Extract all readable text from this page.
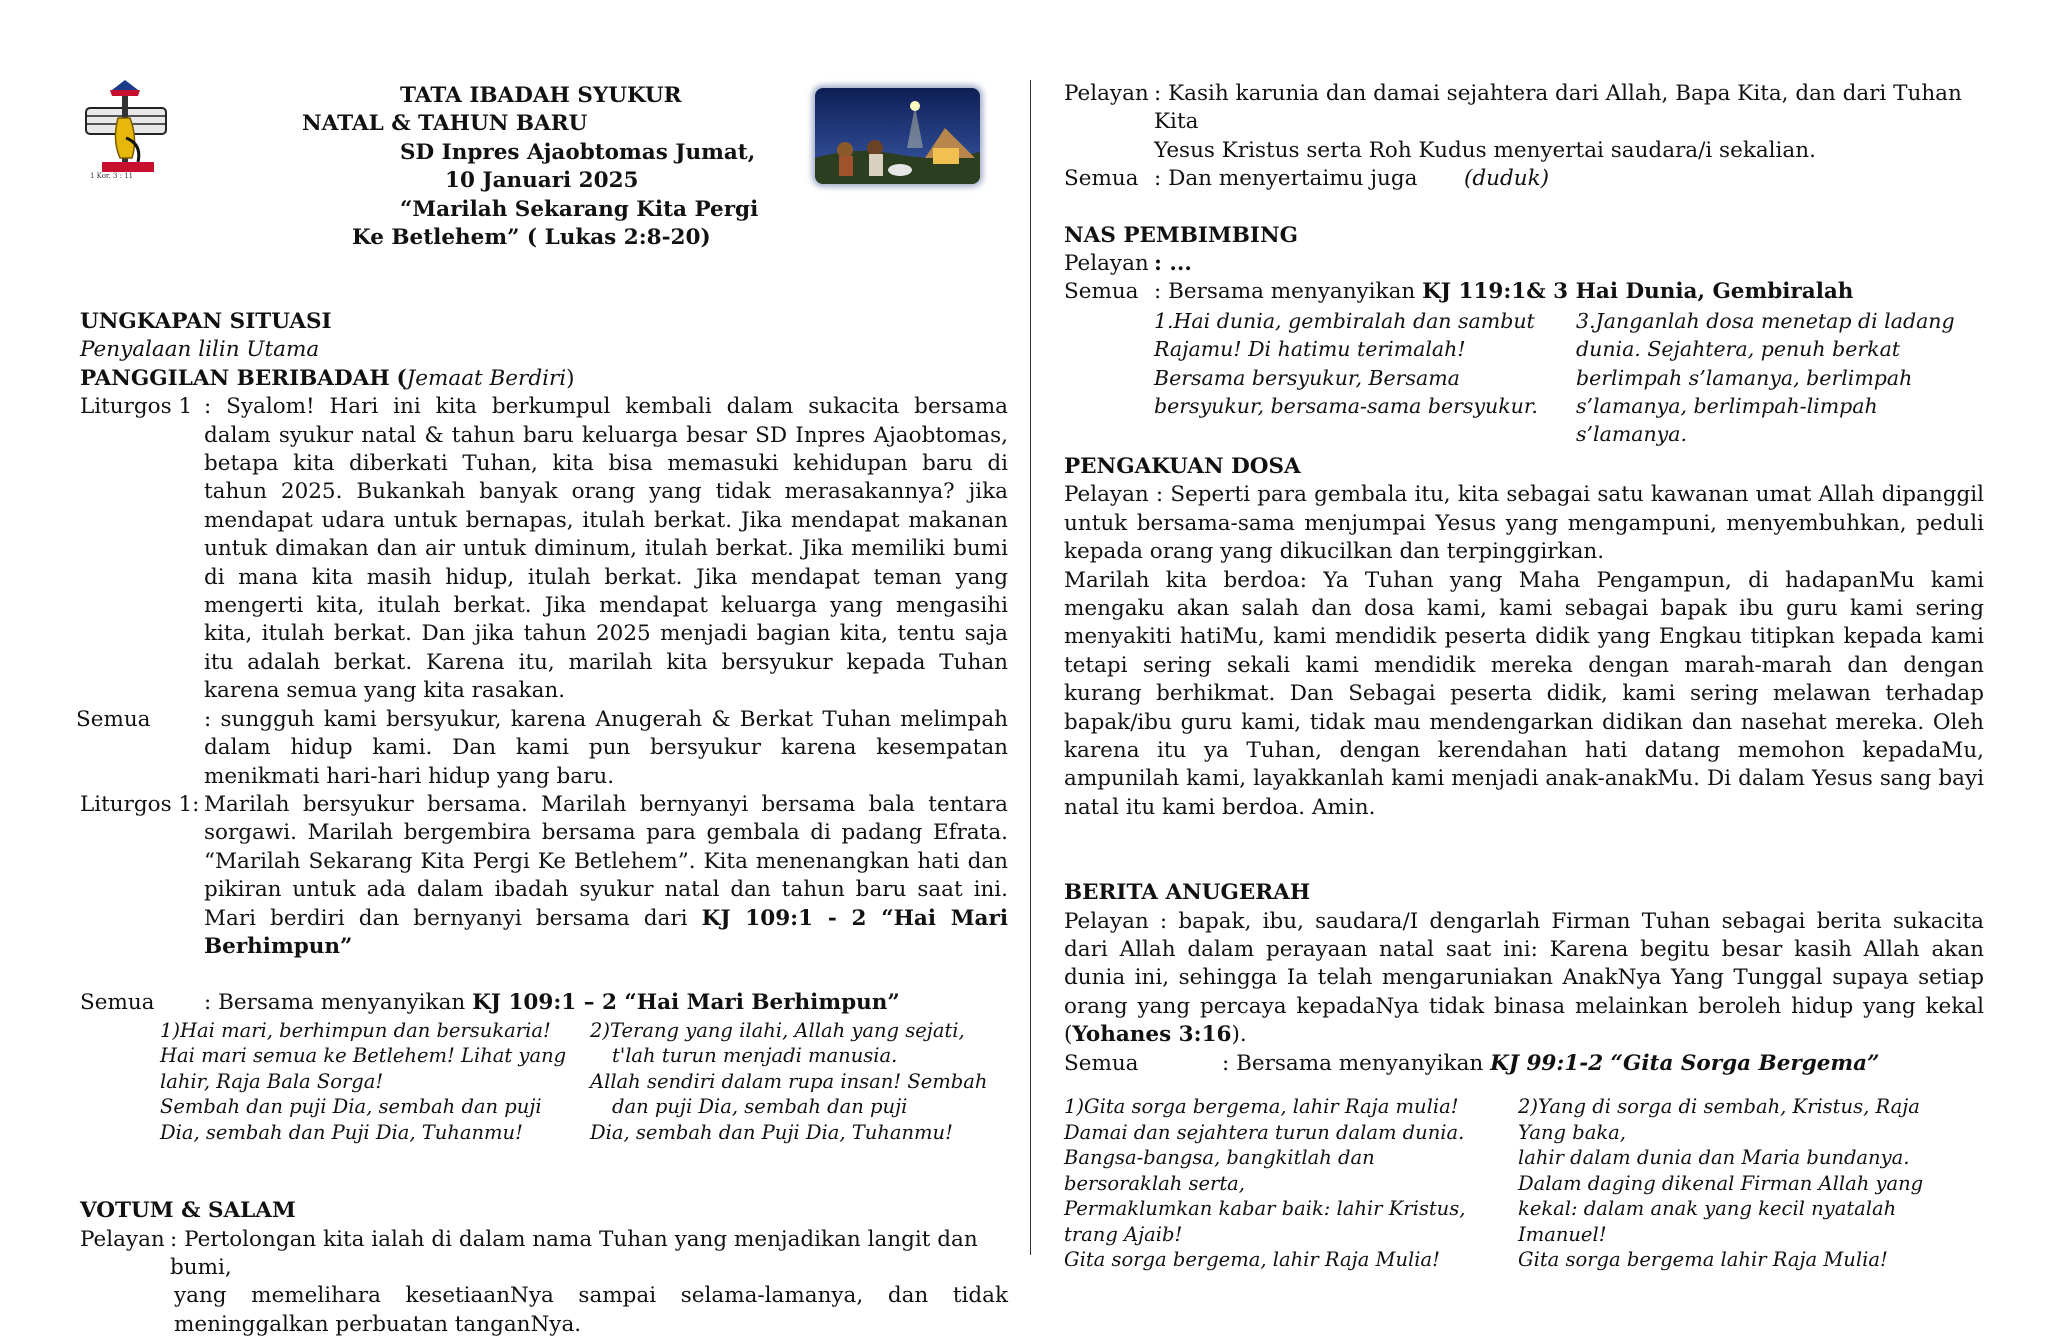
1 Kor. 3 : 11
TATA IBADAH SYUKUR
NATAL & TAHUN BARU
SD Inpres Ajaobtomas Jumat,
10 Januari 2025
“Marilah Sekarang Kita Pergi
Ke Betlehem” ( Lukas 2:8-20)

UNGKAPAN SITUASI

Penyalaan lilin Utama

PANGGILAN BERIBADAH (Jemaat Berdiri)

Liturgos 1 : Syalom! Hari ini kita berkumpul kembali dalam sukacita bersama dalam syukur natal & tahun baru keluarga besar SD Inpres Ajaobtomas, betapa kita diberkati Tuhan, kita bisa memasuki kehidupan baru di tahun 2025. Bukankah banyak orang yang tidak merasakannya? jika mendapat udara untuk bernapas, itulah berkat. Jika mendapat makanan untuk dimakan dan air untuk diminum, itulah berkat. Jika memiliki bumi di mana kita masih hidup, itulah berkat. Jika mendapat teman yang mengerti kita, itulah berkat. Jika mendapat keluarga yang mengasihi kita, itulah berkat. Dan jika tahun 2025 menjadi bagian kita, tentu saja itu adalah berkat. Karena itu, marilah kita bersyukur kepada Tuhan karena semua yang kita rasakan.
Semua	: sungguh kami bersyukur, karena Anugerah & Berkat Tuhan melimpah dalam hidup kami. Dan kami pun bersyukur karena kesempatan menikmati hari-hari hidup yang baru.
Liturgos 1: Marilah bersyukur bersama. Marilah bernyanyi bersama bala tentara sorgawi. Marilah bergembira bersama para gembala di padang Efrata. “Marilah Sekarang Kita Pergi Ke Betlehem”. Kita menenangkan hati dan pikiran untuk ada dalam ibadah syukur natal dan tahun baru saat ini. Mari berdiri dan bernyanyi bersama dari KJ 109:1 - 2 “Hai Mari Berhimpun”
Semua	: Bersama menyanyikan KJ 109:1 – 2 “Hai Mari Berhimpun”
1)Hai mari, berhimpun dan bersukaria!
Hai mari semua ke Betlehem! Lihat yang
lahir, Raja Bala Sorga!
Sembah dan puji Dia, sembah dan puji
Dia, sembah dan Puji Dia, Tuhanmu!
2)Terang yang ilahi, Allah yang sejati,
t'lah turun menjadi manusia.
Allah sendiri dalam rupa insan! Sembah
dan puji Dia, sembah dan puji
Dia, sembah dan Puji Dia, Tuhanmu!

VOTUM & SALAM

Pelayan : Pertolongan kita ialah di dalam nama Tuhan yang menjadikan langit dan bumi,
yang memelihara kesetiaanNya sampai selama-lamanya, dan tidak meninggalkan perbuatan tanganNya.
Pelayan : Kasih karunia dan damai sejahtera dari Allah, Bapa Kita, dan dari Tuhan Kita
Yesus Kristus serta Roh Kudus menyertai saudara/i sekalian.
Semua : Dan menyertaimu juga	(duduk)

NAS PEMBIMBING

Pelayan : ...
Semua : Bersama menyanyikan KJ 119:1& 3 Hai Dunia, Gembiralah
1.Hai dunia, gembiralah dan sambut Rajamu! Di hatimu terimalah! Bersama bersyukur, Bersama bersyukur, bersama-sama bersyukur.
3.Janganlah dosa menetap di ladang dunia. Sejahtera, penuh berkat berlimpah s’lamanya, berlimpah s’lamanya, berlimpah-limpah s’lamanya.

PENGAKUAN DOSA

Pelayan : Seperti para gembala itu, kita sebagai satu kawanan umat Allah dipanggil untuk bersama-sama menjumpai Yesus yang mengampuni, menyembuhkan, peduli kepada orang yang dikucilkan dan terpinggirkan.
Marilah kita berdoa: Ya Tuhan yang Maha Pengampun, di hadapanMu kami mengaku akan salah dan dosa kami, kami sebagai bapak ibu guru kami sering menyakiti hatiMu, kami mendidik peserta didik yang Engkau titipkan kepada kami tetapi sering sekali kami mendidik mereka dengan marah-marah dan dengan kurang berhikmat. Dan Sebagai peserta didik, kami sering melawan terhadap bapak/ibu guru kami, tidak mau mendengarkan didikan dan nasehat mereka. Oleh karena itu ya Tuhan, dengan kerendahan hati datang memohon kepadaMu, ampunilah kami, layakkanlah kami menjadi anak-anakMu. Di dalam Yesus sang bayi natal itu kami berdoa. Amin.

BERITA ANUGERAH

Pelayan : bapak, ibu, saudara/I dengarlah Firman Tuhan sebagai berita sukacita dari Allah dalam perayaan natal saat ini: Karena begitu besar kasih Allah akan dunia ini, sehingga Ia telah mengaruniakan AnakNya Yang Tunggal supaya setiap orang yang percaya kepadaNya tidak binasa melainkan beroleh hidup yang kekal (Yohanes 3:16).
Semua	: Bersama menyanyikan KJ 99:1-2 “Gita Sorga Bergema”
1)Gita sorga bergema, lahir Raja mulia!
Damai dan sejahtera turun dalam dunia.
Bangsa-bangsa, bangkitlah dan bersoraklah serta,
Permaklumkan kabar baik: lahir Kristus, trang Ajaib!
Gita sorga bergema, lahir Raja Mulia!
2)Yang di sorga di sembah, Kristus, Raja Yang baka,
lahir dalam dunia dan Maria bundanya.
Dalam daging dikenal Firman Allah yang
kekal: dalam anak yang kecil nyatalah Imanuel!
Gita sorga bergema lahir Raja Mulia!
